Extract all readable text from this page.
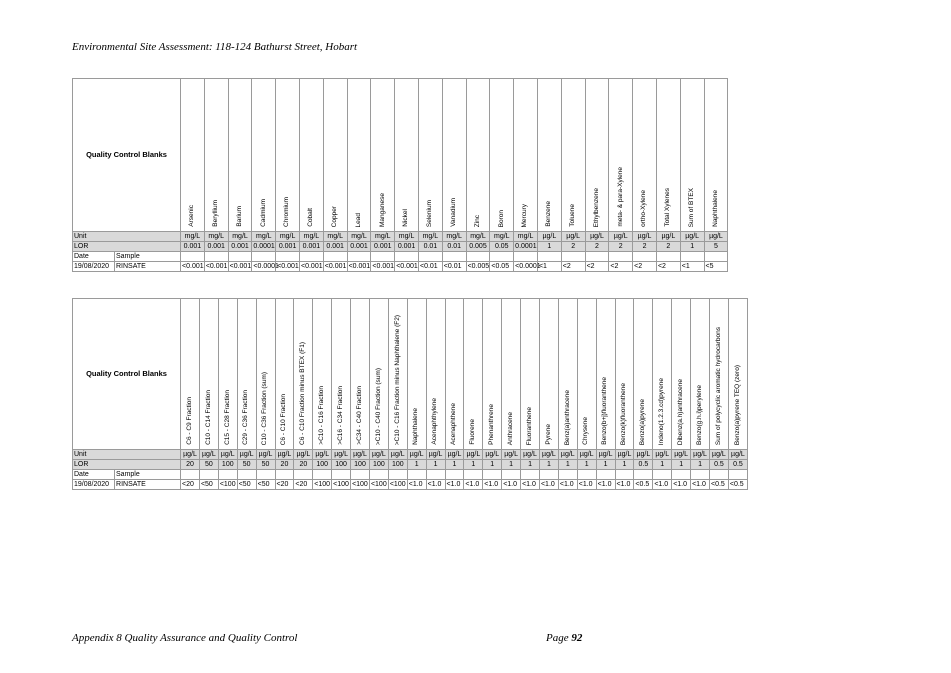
Environmental Site Assessment: 118-124 Bathurst Street, Hobart
Quality Control Blanks		Arsenic	Beryllium	Barium	Cadmium	Chromium	Cobalt	Copper	Lead	Manganese	Nickel	Selenium	Vanadium	Zinc	Boron	Mercury	Benzene	Toluene	Ethylbenzene	meta- & para-Xylene	ortho-Xylene	Total Xylenes	Sum of BTEX	Naphthalene
Unit		mg/L	mg/L	mg/L	mg/L	mg/L	mg/L	mg/L	mg/L	mg/L	mg/L	mg/L	mg/L	mg/L	mg/L	mg/L	µg/L	µg/L	µg/L	µg/L	µg/L	µg/L	µg/L	µg/L
LOR		0.001	0.001	0.001	0.0001	0.001	0.001	0.001	0.001	0.001	0.001	0.01	0.01	0.005	0.05	0.0001	1	2	2	2	2	2	1	5
Date	Sample																							
19/08/2020	RINSATE	<0.001	<0.001	<0.001	<0.0001	<0.001	<0.001	<0.001	<0.001	<0.001	<0.001	<0.01	<0.01	<0.005	<0.05	<0.0001	<1	<2	<2	<2	<2	<2	<1	<5
Quality Control Blanks		C6 - C9 Fraction	C10 - C14 Fraction	C15 - C28 Fraction	C29 - C36 Fraction	C10 - C36 Fraction (sum)	C6 - C10 Fraction	C6 - C10 Fraction minus BTEX (F1)	>C10 - C16 Fraction	>C16 - C34 Fraction	>C34 - C40 Fraction	>C10 - C40 Fraction (sum)	>C10 - C16 Fraction minus Naphthalene (F2)	Naphthalene	Acenaphthylene	Acenaphthene	Fluorene	Phenanthrene	Anthracene	Fluoranthene	Pyrene	Benz(a)anthracene	Chrysene	Benzo(b+j)fluoranthene	Benzo(k)fluoranthene	Benzo(a)pyrene	Indeno(1.2.3.cd)pyrene	Dibenz(a.h)anthracene	Benzo(g.h.i)perylene	Sum of polycyclic aromatic hydrocarbons	Benzo(a)pyrene TEQ (zero)
Unit		µg/L	µg/L	µg/L	µg/L	µg/L	µg/L	µg/L	µg/L	µg/L	µg/L	µg/L	µg/L	µg/L	µg/L	µg/L	µg/L	µg/L	µg/L	µg/L	µg/L	µg/L	µg/L	µg/L	µg/L	µg/L	µg/L	µg/L	µg/L	µg/L	µg/L
LOR		20	50	100	50	50	20	20	100	100	100	100	100	1	1	1	1	1	1	1	1	1	1	1	1	0.5	1	1	1	0.5	0.5
Date	Sample																														
19/08/2020	RINSATE	<20	<50	<100	<50	<50	<20	<20	<100	<100	<100	<100	<100	<1.0	<1.0	<1.0	<1.0	<1.0	<1.0	<1.0	<1.0	<1.0	<1.0	<1.0	<1.0	<0.5	<1.0	<1.0	<1.0	<0.5	<0.5
Appendix 8 Quality Assurance and Quality Control	Page 92
